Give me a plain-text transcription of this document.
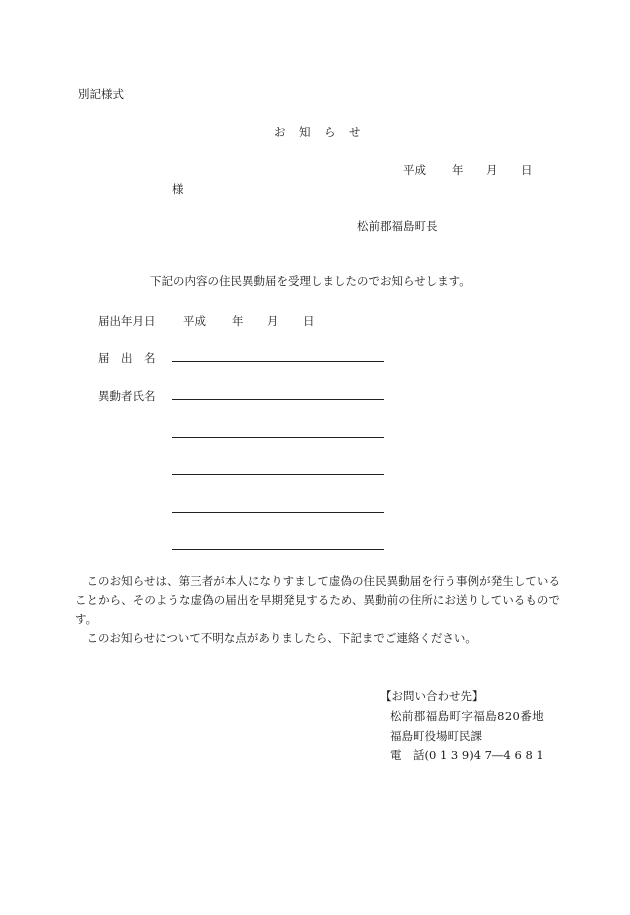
別記様式
お　知　ら　せ
平成 年 月 日
様
松前郡福島町長
下記の内容の住民異動届を受理しましたのでお知らせします。
届出年月日 平成 年 月 日
届　出　名
異動者氏名
このお知らせは、第三者が本人になりすまして虚偽の住民異動届を行う事例が発生していることから、そのような虚偽の届出を早期発見するため、異動前の住所にお送りしているものです。
このお知らせについて不明な点がありましたら、下記までご連絡ください。
【お問い合わせ先】
松前郡福島町字福島820番地
福島町役場町民課
電　話(0 1 3 9)4 7―4 6 8 1
